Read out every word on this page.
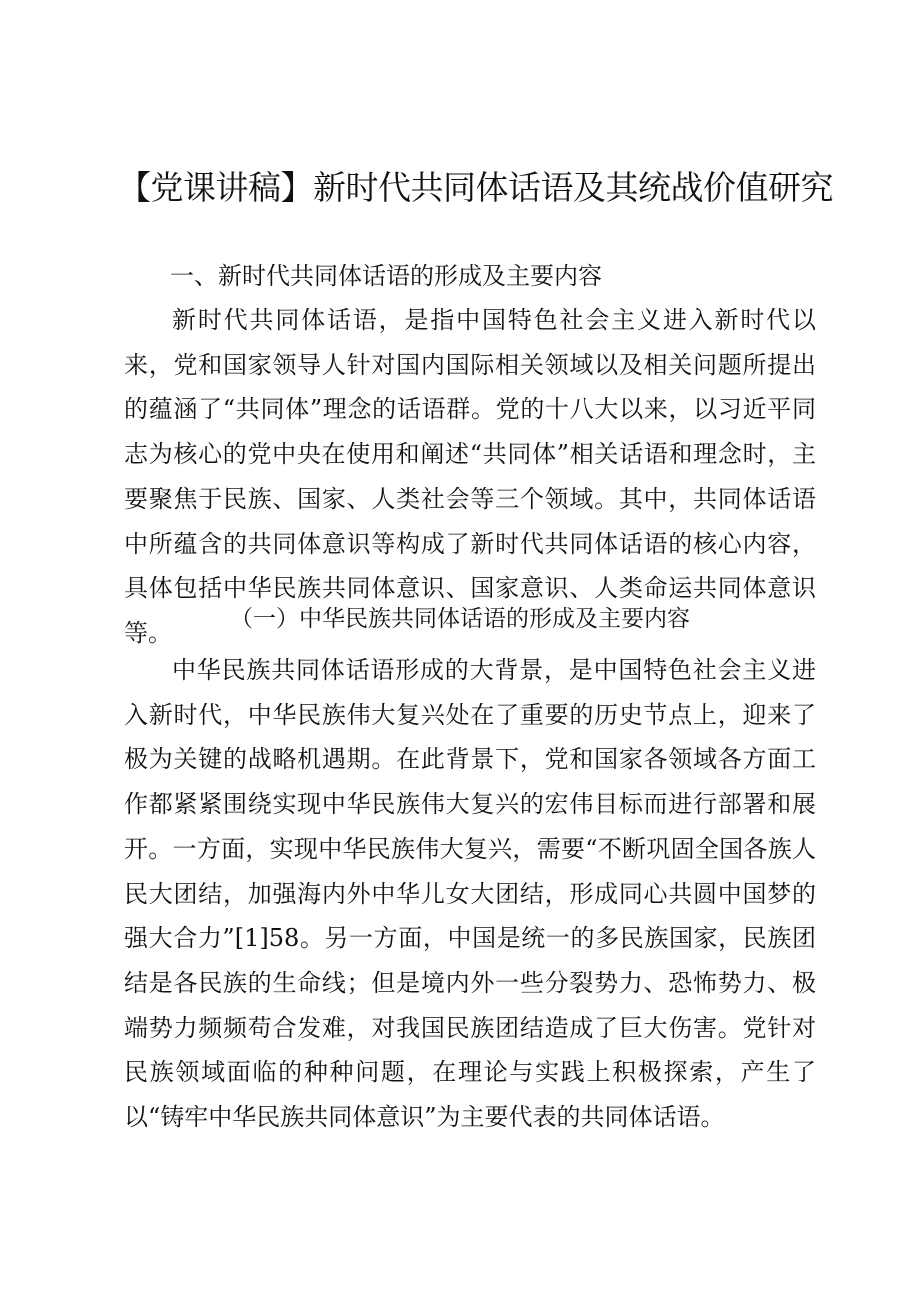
【党课讲稿】新时代共同体话语及其统战价值研究
一、新时代共同体话语的形成及主要内容

新时代共同体话语，是指中国特色社会主义进入新时代以来，党和国家领导人针对国内国际相关领域以及相关问题所提出的蕴涵了“共同体”理念的话语群。党的十八大以来，以习近平同志为核心的党中央在使用和阐述“共同体”相关话语和理念时，主要聚焦于民族、国家、人类社会等三个领域。其中，共同体话语中所蕴含的共同体意识等构成了新时代共同体话语的核心内容，具体包括中华民族共同体意识、国家意识、人类命运共同体意识等。	（一）中华民族共同体话语的形成及主要内容

中华民族共同体话语形成的大背景，是中国特色社会主义进入新时代，中华民族伟大复兴处在了重要的历史节点上，迎来了极为关键的战略机遇期。在此背景下，党和国家各领域各方面工作都紧紧围绕实现中华民族伟大复兴的宏伟目标而进行部署和展开。一方面，实现中华民族伟大复兴，需要“不断巩固全国各族人民大团结，加强海内外中华儿女大团结，形成同心共圆中国梦的强大合力”[1]58。另一方面，中国是统一的多民族国家，民族团结是各民族的生命线；但是境内外一些分裂势力、恐怖势力、极端势力频频苟合发难，对我国民族团结造成了巨大伤害。党针对民族领域面临的种种问题，在理论与实践上积极探索，产生了以“铸牢中华民族共同体意识”为主要代表的共同体话语。
